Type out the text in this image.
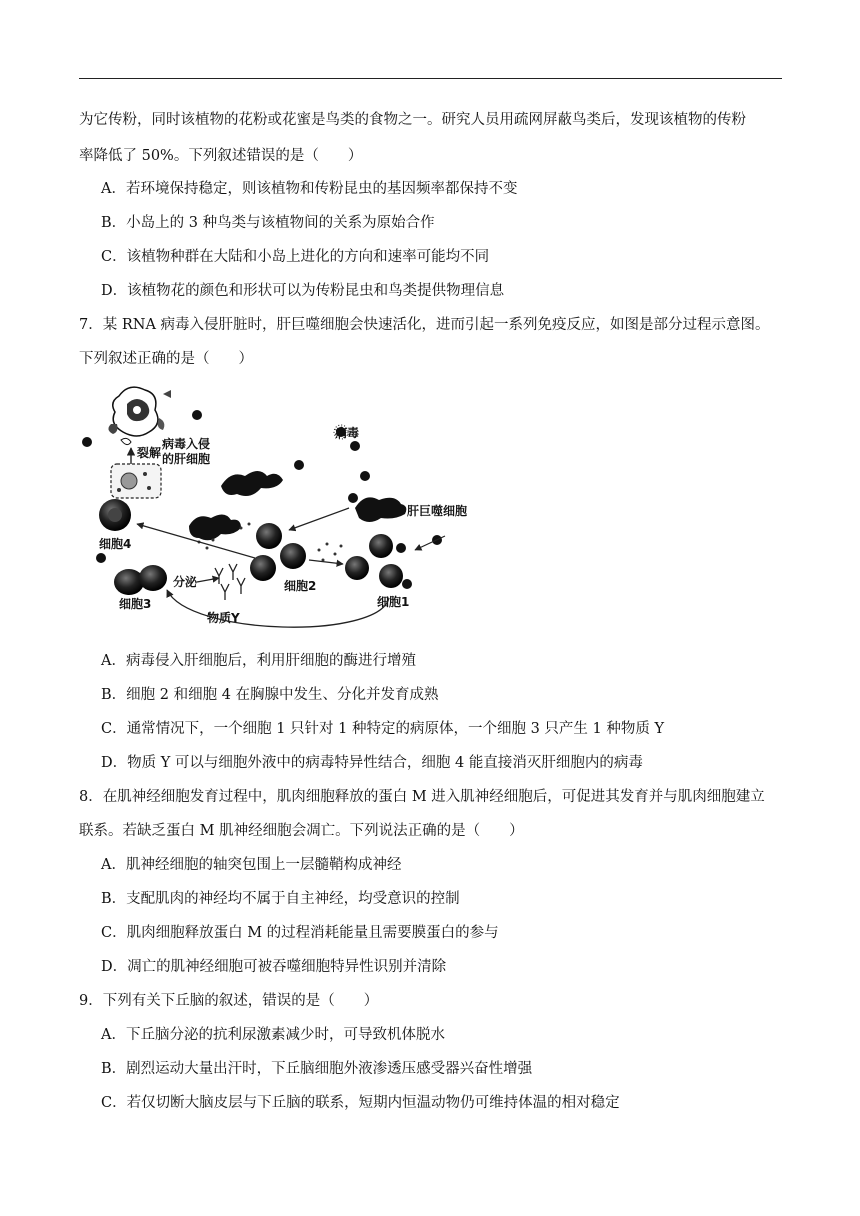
为它传粉，同时该植物的花粉或花蜜是鸟类的食物之一。研究人员用疏网屏蔽鸟类后，发现该植物的传粉
率降低了 50%。下列叙述错误的是（　　）
A．若环境保持稳定，则该植物和传粉昆虫的基因频率都保持不变
B．小岛上的 3 种鸟类与该植物间的关系为原始合作
C．该植物种群在大陆和小岛上进化的方向和速率可能均不同
D．该植物花的颜色和形状可以为传粉昆虫和鸟类提供物理信息
7．某 RNA 病毒入侵肝脏时，肝巨噬细胞会快速活化，进而引起一系列免疫反应，如图是部分过程示意图。
下列叙述正确的是（　　）
裂解
病毒入侵
的肝细胞
病毒
肝巨噬细胞
细胞2
细胞1
细胞4
细胞3
分泌
物质Y
A．病毒侵入肝细胞后，利用肝细胞的酶进行增殖
B．细胞 2 和细胞 4 在胸腺中发生、分化并发育成熟
C．通常情况下，一个细胞 1 只针对 1 种特定的病原体，一个细胞 3 只产生 1 种物质 Y
D．物质 Y 可以与细胞外液中的病毒特异性结合，细胞 4 能直接消灭肝细胞内的病毒
8．在肌神经细胞发育过程中，肌肉细胞释放的蛋白 M 进入肌神经细胞后，可促进其发育并与肌肉细胞建立
联系。若缺乏蛋白 M 肌神经细胞会凋亡。下列说法正确的是（　　）
A．肌神经细胞的轴突包围上一层髓鞘构成神经
B．支配肌肉的神经均不属于自主神经，均受意识的控制
C．肌肉细胞释放蛋白 M 的过程消耗能量且需要膜蛋白的参与
D．凋亡的肌神经细胞可被吞噬细胞特异性识别并清除
9．下列有关下丘脑的叙述，错误的是（　　）
A．下丘脑分泌的抗利尿激素减少时，可导致机体脱水
B．剧烈运动大量出汗时，下丘脑细胞外液渗透压感受器兴奋性增强
C．若仅切断大脑皮层与下丘脑的联系，短期内恒温动物仍可维持体温的相对稳定
